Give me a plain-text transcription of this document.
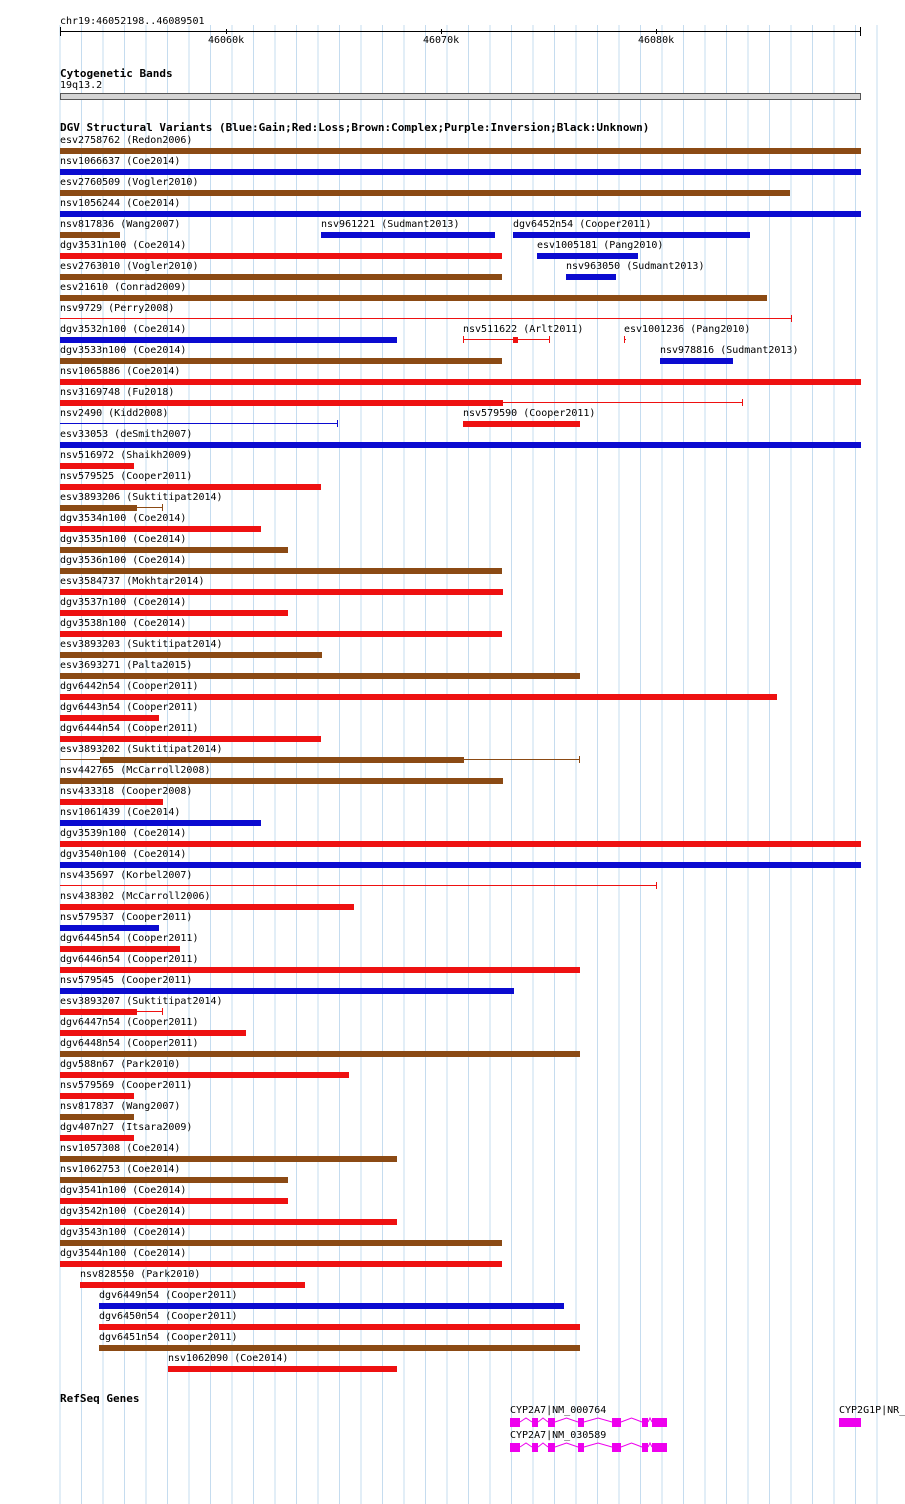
chr19:46052198..46089501
46060k	46070k	46080k
Cytogenetic Bands
19q13.2
DGV Structural Variants (Blue:Gain;Red:Loss;Brown:Complex;Purple:Inversion;Black:Unknown)
esv2758762 (Redon2006)
nsv1066637 (Coe2014)
esv2760509 (Vogler2010)
nsv1056244 (Coe2014)
nsv817836 (Wang2007)	nsv961221 (Sudmant2013)	dgv6452n54 (Cooper2011)
dgv3531n100 (Coe2014)	esv1005181 (Pang2010)
esv2763010 (Vogler2010)	nsv963050 (Sudmant2013)
esv21610 (Conrad2009)
nsv9729 (Perry2008)
dgv3532n100 (Coe2014)	nsv511622 (Arlt2011)	esv1001236 (Pang2010)
dgv3533n100 (Coe2014)	nsv978816 (Sudmant2013)
nsv1065886 (Coe2014)
nsv3169748 (Fu2018)
nsv2490 (Kidd2008)	nsv579590 (Cooper2011)
esv33053 (deSmith2007)
nsv516972 (Shaikh2009)
nsv579525 (Cooper2011)
esv3893206 (Suktitipat2014)
dgv3534n100 (Coe2014)
dgv3535n100 (Coe2014)
dgv3536n100 (Coe2014)
esv3584737 (Mokhtar2014)
dgv3537n100 (Coe2014)
dgv3538n100 (Coe2014)
esv3893203 (Suktitipat2014)
esv3693271 (Palta2015)
dgv6442n54 (Cooper2011)
dgv6443n54 (Cooper2011)
dgv6444n54 (Cooper2011)
esv3893202 (Suktitipat2014)
nsv442765 (McCarroll2008)
nsv433318 (Cooper2008)
nsv1061439 (Coe2014)
dgv3539n100 (Coe2014)
dgv3540n100 (Coe2014)
nsv435697 (Korbel2007)
nsv438302 (McCarroll2006)
nsv579537 (Cooper2011)
dgv6445n54 (Cooper2011)
dgv6446n54 (Cooper2011)
nsv579545 (Cooper2011)
esv3893207 (Suktitipat2014)
dgv6447n54 (Cooper2011)
dgv6448n54 (Cooper2011)
dgv588n67 (Park2010)
nsv579569 (Cooper2011)
nsv817837 (Wang2007)
dgv407n27 (Itsara2009)
nsv1057308 (Coe2014)
nsv1062753 (Coe2014)
dgv3541n100 (Coe2014)
dgv3542n100 (Coe2014)
dgv3543n100 (Coe2014)
dgv3544n100 (Coe2014)
nsv828550 (Park2010)
dgv6449n54 (Cooper2011)
dgv6450n54 (Cooper2011)
dgv6451n54 (Cooper2011)
nsv1062090 (Coe2014)
RefSeq Genes
CYP2A7|NM_000764
CYP2A7|NM_030589
CYP2G1P|NR_
